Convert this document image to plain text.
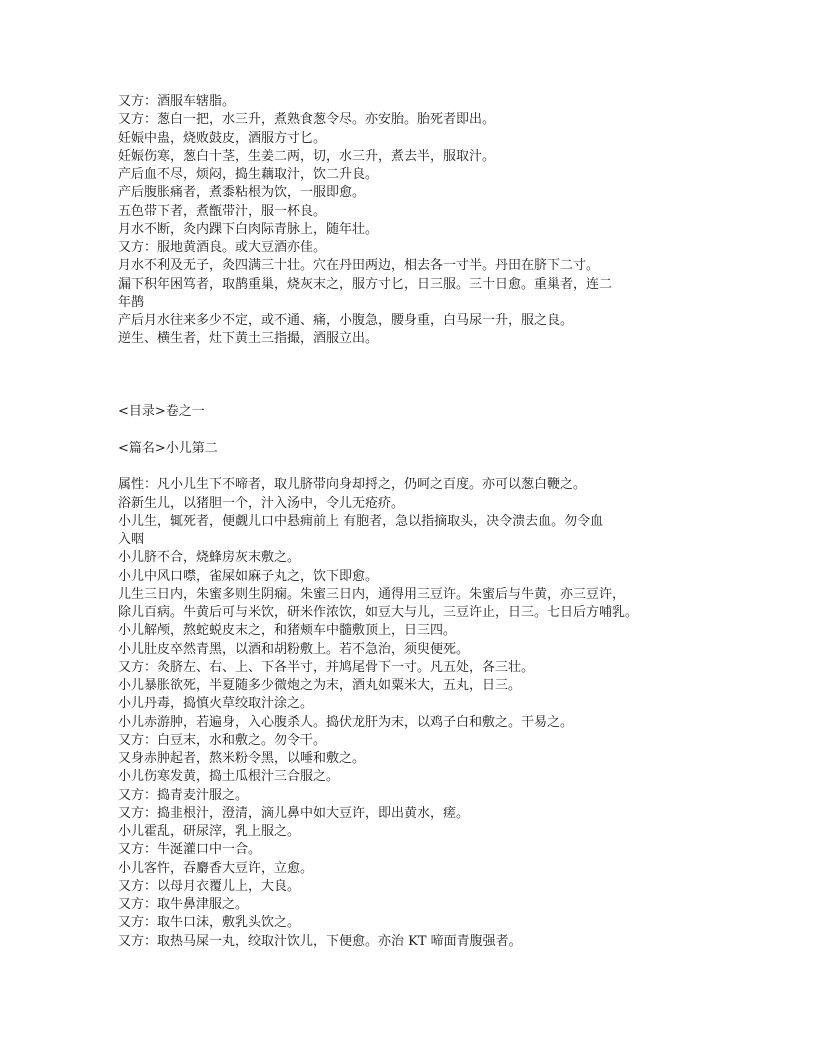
又方：酒服车辖脂。
又方：葱白一把，水三升，煮熟食葱令尽。亦安胎。胎死者即出。
妊娠中蛊，烧败鼓皮，酒服方寸匕。
妊娠伤寒，葱白十茎，生姜二两，切，水三升，煮去半，服取汁。
产后血不尽，烦闷，捣生藕取汁，饮二升良。
产后腹胀痛者，煮黍粘根为饮，一服即愈。
五色带下者，煮甑带汁，服一杯良。
月水不断，灸内踝下白肉际青脉上，随年壮。
又方：服地黄酒良。或大豆酒亦佳。
月水不利及无子，灸四满三十壮。穴在丹田两边，相去各一寸半。丹田在脐下二寸。
漏下积年困笃者，取鹊重巢，烧灰末之，服方寸匕，日三服。三十日愈。重巢者，连二
年鹊
产后月水往来多少不定，或不通、痛，小腹急，腰身重，白马尿一升，服之良。
逆生、横生者，灶下黄土三指撮，酒服立出。
<目录>卷之一
<篇名>小儿第二
属性：凡小儿生下不啼者，取儿脐带向身却捋之，仍呵之百度。亦可以葱白鞭之。
浴新生儿，以猪胆一个，汁入汤中，令儿无疮疥。
小儿生，辄死者，便觑儿口中悬痈前上 有胞者，急以指摘取头，决令溃去血。勿令血
入咽
小儿脐不合，烧蜂房灰末敷之。
小儿中风口噤，雀屎如麻子丸之，饮下即愈。
儿生三日内，朱蜜多则生阴痫。朱蜜三日内，通得用三豆许。朱蜜后与牛黄，亦三豆许，
除儿百病。牛黄后可与米饮，研米作浓饮，如豆大与儿，三豆许止，日三。七日后方哺乳。
小儿解颅，熬蛇蜕皮末之，和猪颊车中髓敷顶上，日三四。
小儿肚皮卒然青黑，以酒和胡粉敷上。若不急治，须臾便死。
又方：灸脐左、右、上、下各半寸，并鸠尾骨下一寸。凡五处，各三壮。
小儿暴胀欲死，半夏随多少微炮之为末，酒丸如粟米大，五丸，日三。
小儿丹毒，捣慎火草绞取汁涂之。
小儿赤游肿，若遍身，入心腹杀人。捣伏龙肝为末，以鸡子白和敷之。干易之。
又方：白豆末，水和敷之。勿令干。
又身赤肿起者，熬米粉令黑，以唾和敷之。
小儿伤寒发黄，捣土瓜根汁三合服之。
又方：捣青麦汁服之。
又方：捣韭根汁，澄清，滴儿鼻中如大豆许，即出黄水，瘥。
小儿霍乱，研尿滓，乳上服之。
又方：牛涎灌口中一合。
小儿客忤，吞麝香大豆许，立愈。
又方：以母月衣覆儿上，大良。
又方：取牛鼻津服之。
又方：取牛口沫，敷乳头饮之。
又方：取热马屎一丸，绞取汁饮儿，下便愈。亦治 KT 啼面青腹强者。
